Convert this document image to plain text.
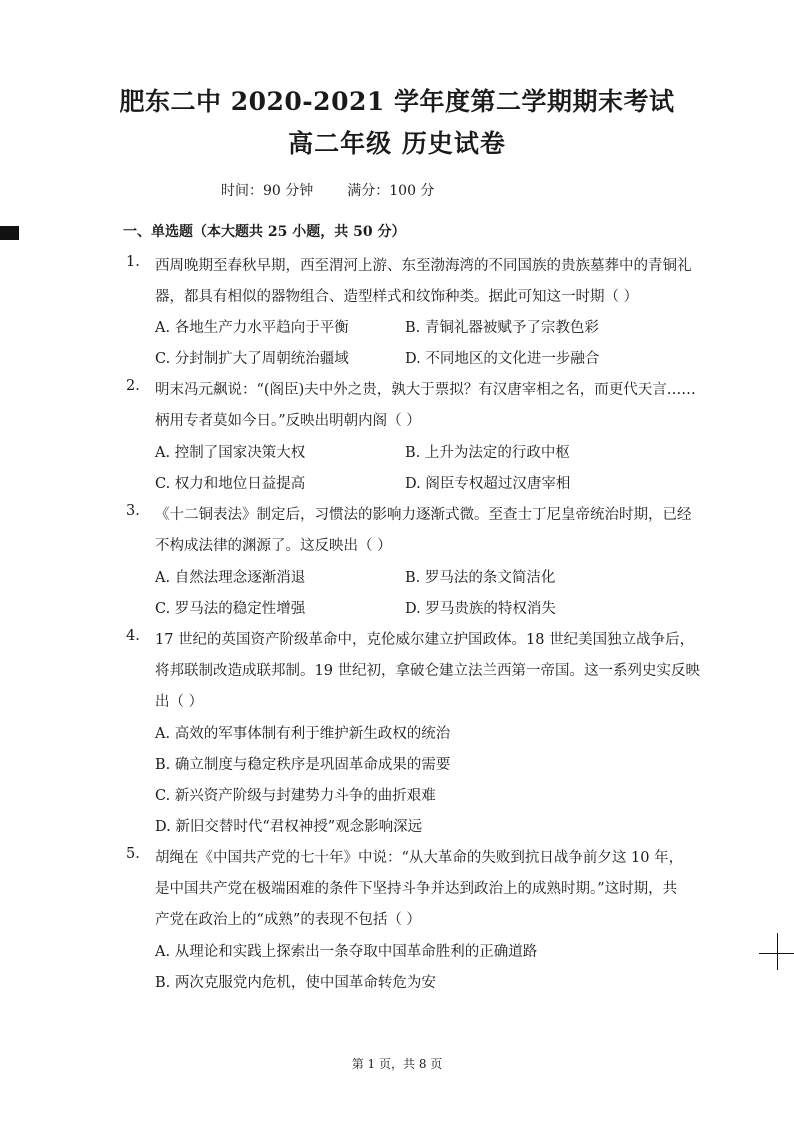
肥东二中 2020-2021 学年度第二学期期末考试
高二年级 历史试卷
时间：90 分钟 满分：100 分
一、单选题（本大题共 25 小题，共 50 分）
1. 西周晚期至春秋早期，西至渭河上游、东至渤海湾的不同国族的贵族墓葬中的青铜礼
器，都具有相似的器物组合、造型样式和纹饰种类。据此可知这一时期（ ）
A. 各地生产力水平趋向于平衡	B. 青铜礼器被赋予了宗教色彩
C. 分封制扩大了周朝统治疆域	D. 不同地区的文化进一步融合
2. 明末冯元飙说：“(阁臣)夫中外之贵，孰大于票拟？有汉唐宰相之名，而更代天言……
柄用专者莫如今日。”反映出明朝内阁（ ）
A. 控制了国家决策大权	B. 上升为法定的行政中枢
C. 权力和地位日益提高	D. 阁臣专权超过汉唐宰相
3. 《十二铜表法》制定后，习惯法的影响力逐渐式微。至查士丁尼皇帝统治时期，已经
不构成法律的渊源了。这反映出（ ）
A. 自然法理念逐渐消退	B. 罗马法的条文简洁化
C. 罗马法的稳定性增强	D. 罗马贵族的特权消失
4. 17 世纪的英国资产阶级革命中，克伦威尔建立护国政体。18 世纪美国独立战争后，
将邦联制改造成联邦制。19 世纪初，拿破仑建立法兰西第一帝国。这一系列史实反映
出（ ）
A. 高效的军事体制有利于维护新生政权的统治
B. 确立制度与稳定秩序是巩固革命成果的需要
C. 新兴资产阶级与封建势力斗争的曲折艰难
D. 新旧交替时代“君权神授”观念影响深远
5. 胡绳在《中国共产党的七十年》中说：“从大革命的失败到抗日战争前夕这 10 年，
是中国共产党在极端困难的条件下坚持斗争并达到政治上的成熟时期。”这时期，共
产党在政治上的“成熟”的表现不包括（ ）
A. 从理论和实践上探索出一条夺取中国革命胜利的正确道路
B. 两次克服党内危机，使中国革命转危为安
第 1 页，共 8 页
